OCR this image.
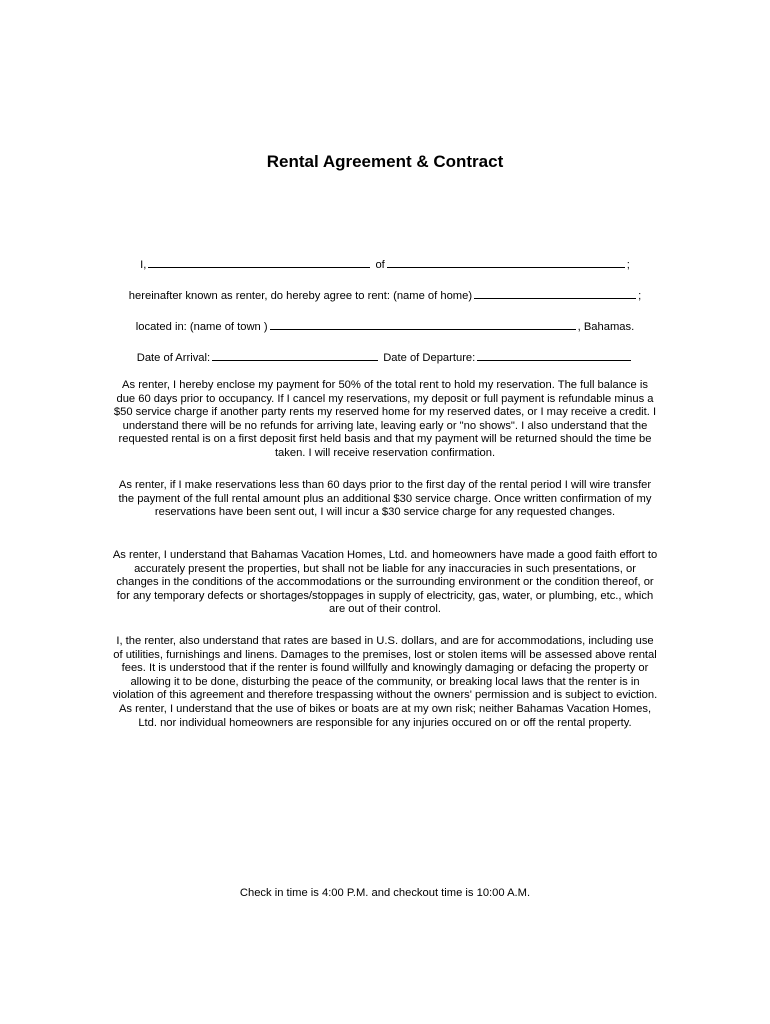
Rental Agreement & Contract
I,	of	;
hereinafter known as renter, do hereby agree to rent: (name of home)	;
located in: (name of town )	, Bahamas.
Date of Arrival:	Date of Departure:

As renter, I hereby enclose my payment for 50% of the total rent to hold my reservation. The full balance is due 60 days prior to occupancy. If I cancel my reservations, my deposit or full payment is refundable minus a $50 service charge if another party rents my reserved home for my reserved dates, or I may receive a credit. I understand there will be no refunds for arriving late, leaving early or "no shows". I also understand that the requested rental is on a first deposit first held basis and that my payment will be returned should the time be taken. I will receive reservation confirmation.

As renter, if I make reservations less than 60 days prior to the first day of the rental period I will wire transfer the payment of the full rental amount plus an additional $30 service charge. Once written confirmation of my reservations have been sent out, I will incur a $30 service charge for any requested changes.

As renter, I understand that Bahamas Vacation Homes, Ltd. and homeowners have made a good faith effort to accurately present the properties, but shall not be liable for any inaccuracies in such presentations, or changes in the conditions of the accommodations or the surrounding environment or the condition thereof, or for any temporary defects or shortages/stoppages in supply of electricity, gas, water, or plumbing, etc., which are out of their control.

I, the renter, also understand that rates are based in U.S. dollars, and are for accommodations, including use of utilities, furnishings and linens. Damages to the premises, lost or stolen items will be assessed above rental fees. It is understood that if the renter is found willfully and knowingly damaging or defacing the property or allowing it to be done, disturbing the peace of the community, or breaking local laws that the renter is in violation of this agreement and therefore trespassing without the owners' permission and is subject to eviction. As renter, I understand that the use of bikes or boats are at my own risk; neither Bahamas Vacation Homes, Ltd. nor individual homeowners are responsible for any injuries occured on or off the rental property.

Check in time is 4:00 P.M. and checkout time is 10:00 A.M.
